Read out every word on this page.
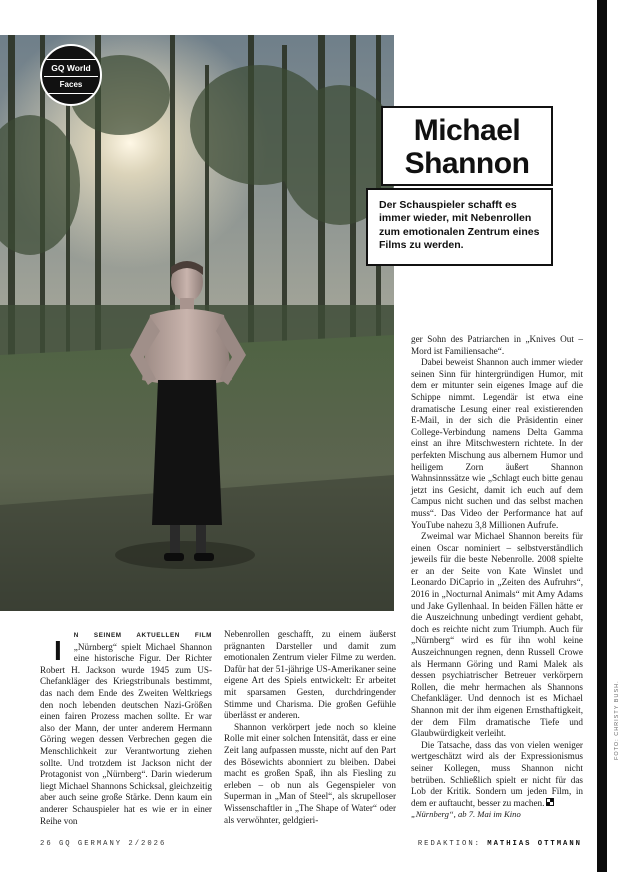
FOTO: CHRISTY BUSH.
GQ World
Faces
Michael
Shannon

Der Schauspieler schafft es immer wieder, mit Nebenrollen zum emotionalen Zentrum eines Films zu werden.

I N SEINEM AKTUELLEN FILM „Nürnberg“ spielt Michael Shannon eine historische Figur. Der Richter Robert H. Jackson wurde 1945 zum US-Chefankläger des Kriegstribunals bestimmt, das nach dem Ende des Zweiten Weltkriegs den noch lebenden deutschen Nazi-Größen einen fairen Prozess machen sollte. Er war also der Mann, der unter anderem Hermann Göring wegen dessen Verbrechen gegen die Menschlichkeit zur Verantwortung ziehen sollte. Und trotzdem ist Jackson nicht der Protagonist von „Nürnberg“. Darin wiederum liegt Michael Shannons Schicksal, gleichzeitig aber auch seine große Stärke. Denn kaum ein anderer Schauspieler hat es wie er in einer Reihe von

Nebenrollen geschafft, zu einem äußerst prägnanten Darsteller und damit zum emotionalen Zentrum vieler Filme zu werden. Dafür hat der 51-jährige US-Amerikaner seine eigene Art des Spiels entwickelt: Er arbeitet mit sparsamen Gesten, durchdringender Stimme und Charisma. Die großen Gefühle überlässt er anderen.

Shannon verkörpert jede noch so kleine Rolle mit einer solchen Intensität, dass er eine Zeit lang aufpassen musste, nicht auf den Part des Bösewichts abonniert zu bleiben. Dabei macht es großen Spaß, ihn als Fiesling zu erleben – ob nun als Gegenspieler von Superman in „Man of Steel“, als skrupelloser Wissenschaftler in „The Shape of Water“ oder als verwöhnter, geldgieri-

ger Sohn des Patriarchen in „Knives Out – Mord ist Familiensache“.

Dabei beweist Shannon auch immer wieder seinen Sinn für hintergründigen Humor, mit dem er mitunter sein eigenes Image auf die Schippe nimmt. Legendär ist etwa eine dramatische Lesung einer real existierenden E-Mail, in der sich die Präsidentin einer College-Verbindung namens Delta Gamma einst an ihre Mitschwestern richtete. In der perfekten Mischung aus albernem Humor und heiligem Zorn äußert Shannon Wahnsinnssätze wie „Schlagt euch bitte genau jetzt ins Gesicht, damit ich euch auf dem Campus nicht suchen und das selbst machen muss“. Das Video der Performance hat auf YouTube nahezu 3,8 Millionen Aufrufe.

Zweimal war Michael Shannon bereits für einen Oscar nominiert – selbstverständlich jeweils für die beste Nebenrolle. 2008 spielte er an der Seite von Kate Winslet und Leonardo DiCaprio in „Zeiten des Aufruhrs“, 2016 in „Nocturnal Animals“ mit Amy Adams und Jake Gyllenhaal. In beiden Fällen hätte er die Auszeichnung unbedingt verdient gehabt, doch es reichte nicht zum Triumph. Auch für „Nürnberg“ wird es für ihn wohl keine Auszeichnungen regnen, denn Russell Crowe als Hermann Göring und Rami Malek als dessen psychiatrischer Betreuer verkörpern Rollen, die mehr hermachen als Shannons Chefankläger. Und dennoch ist es Michael Shannon mit der ihm eigenen Ernsthaftigkeit, der dem Film dramatische Tiefe und Glaubwürdigkeit verleiht.

Die Tatsache, dass das von vielen weniger wertgeschätzt wird als der Expressionismus seiner Kollegen, muss Shannon nicht betrüben. Schließlich spielt er nicht für das Lob der Kritik. Sondern um jeden Film, in dem er auftaucht, besser zu machen.

„Nürnberg“, ab 7. Mai im Kino
26 GQ GERMANY 2/2026	REDAKTION: MATHIAS OTTMANN
